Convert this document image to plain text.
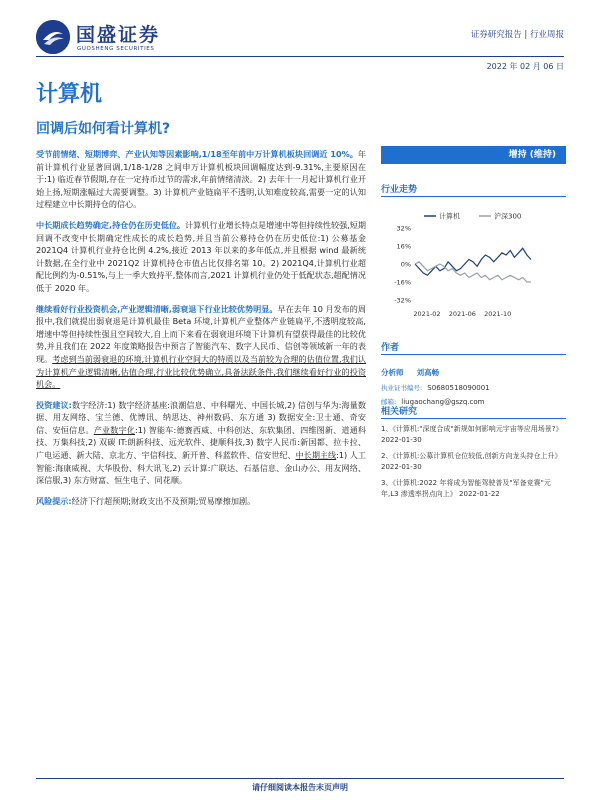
国盛证券
GUOSHENG SECURITIES
证券研究报告 | 行业周报
2022 年 02 月 06 日
计算机
回调后如何看计算机?

受节前情绪、短期博弈、产业认知等因素影响,1/18至年前中万计算机板块回调近 10%。年前计算机行业显著回调,1/18-1/28 之间申万计算机板块回调幅度达到-9.31%,主要原因在于:1) 临近春节假期,存在一定持币过节的需求,年前情绪清淡。2) 去年十一月起计算机行业开始上扬,短期涨幅过大需要调整。3) 计算机产业链扁平不透明,认知难度较高,需要一定的认知过程建立中长期持仓的信心。

中长期成长趋势确定,持仓仍在历史低位。计算机行业增长特点是增速中等但持续性较强,短期回调不改变中长期确定性成长的成长趋势,并且当前公募持仓仍在历史低位:1) 公募基金 2021Q4 计算机行业持仓比例 4.2%,接近 2013 年以来的多年低点,并且根据 wind 最新统计数据,在全行业中 2021Q2 计算机持仓市值占比仅排名第 10。2) 2021Q4,计算机行业超配比例约为-0.51%,与上一季大致持平,整体而言,2021 计算机行业仍处于低配状态,超配情况低于 2020 年。

继续看好行业投资机会,产业逻辑清晰,弱衰退下行业比较优势明显。早在去年 10 月发布的周报中,我们就提出弱衰退是计算机最佳 Beta 环境,计算机产业整体产业链扁平,不透明度较高,增速中等但持续性强且空间较大,自上而下来看在弱衰退环境下计算机有望获得最佳的比较优势,并且我们在 2022 年度策略报告中预言了智能汽车、数字人民币、信创等领域新一年的表现。考虑到当前弱衰退的环境,计算机行业空间大的特质以及当前较为合理的估值位置,我们认为计算机产业逻辑清晰,估值合理,行业比较优势确立,具备法跃条件,我们继续看好行业的投资机会。

投资建议:数字经济:1) 数字经济基座:浪潮信息、中科曙光、中国长城,2) 信创与华为:海量数据、用友网络、宝兰德、优博讯、纳思达、神州数码、东方通 3) 数据安全:卫士通、奇安信、安恒信息。产业数字化:1) 智能车:德赛西威、中科创达、东软集团、四维图新、道通科技、万集科技,2) 双碳 IT:朗新科技、远光软件、捷顺科技,3) 数字人民币:新国都、拉卡拉、广电运通、新大陆、京北方、宇信科技、新开普、科蓝软件、信安世纪、中长期主线:1) 人工智能:海康威视、大华股份、科大讯飞,2) 云计算:广联达、石基信息、金山办公、用友网络、深信服,3) 东方财富、恒生电子、同花顺。

风险提示:经济下行超预期;财政支出不及预期;贸易摩擦加剧。

增持 (维持)
行业走势
32%
16%
0%
-16%
-32%
2021-02 2021-06 2021-10
计算机	沪深300
作者
分析师 刘高畅
执业证书编号: S0680518090001
邮箱: liugaochang@gszq.com
相关研究
1、《计算机:"深度合成"新规如何影响元宇宙等应用场景?》 2022-01-30
2、《计算机:公募计算机仓位较低,创新方向龙头持仓上升》 2022-01-30
3、《计算机:2022 年将成为智能驾驶普及"军备竞赛"元年,L3 渗透率拐点向上》 2022-01-22
请仔细阅读本报告末页声明
